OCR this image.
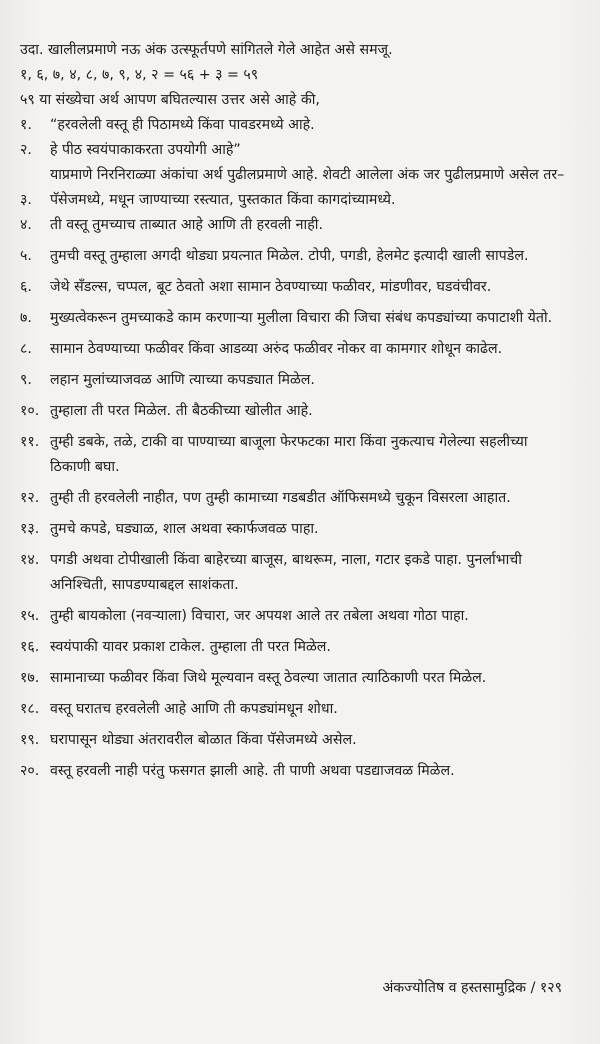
उदा. खालीलप्रमाणे नऊ अंक उत्स्फूर्तपणे सांगितले गेले आहेत असे समजू.
१, ६, ७, ४, ८, ७, ९, ४, २ = ५६ + ३ = ५९
५९ या संख्येचा अर्थ आपण बघितल्यास उत्तर असे आहे की,
१.	“हरवलेली वस्तू ही पिठामध्ये किंवा पावडरमध्ये आहे.
२.	हे पीठ स्वयंपाकाकरता उपयोगी आहे”
याप्रमाणे निरनिराळ्या अंकांचा अर्थ पुढीलप्रमाणे आहे. शेवटी आलेला अंक जर पुढीलप्रमाणे असेल तर–
३.	पॅसेजमध्ये, मधून जाण्याच्या रस्त्यात, पुस्तकात किंवा कागदांच्यामध्ये.
४.	ती वस्तू तुमच्याच ताब्यात आहे आणि ती हरवली नाही.
५.	तुमची वस्तू तुम्हाला अगदी थोड्या प्रयत्नात मिळेल. टोपी, पगडी, हेलमेट इत्यादी खाली सापडेल.
६.	जेथे सँडल्स, चप्पल, बूट ठेवतो अशा सामान ठेवण्याच्या फळीवर, मांडणीवर, घडवंचीवर.
७.	मुख्यत्वेकरून तुमच्याकडे काम करणाऱ्या मुलीला विचारा की जिचा संबंध कपड्यांच्या कपाटाशी येतो.
८.	सामान ठेवण्याच्या फळीवर किंवा आडव्या अरुंद फळीवर नोकर वा कामगार शोधून काढेल.
९.	लहान मुलांच्याजवळ आणि त्याच्या कपड्यात मिळेल.
१०. तुम्हाला ती परत मिळेल. ती बैठकीच्या खोलीत आहे.
११. तुम्ही डबके, तळे, टाकी वा पाण्याच्या बाजूला फेरफटका मारा किंवा नुकत्याच गेलेल्या सहलीच्या ठिकाणी बघा.
१२. तुम्ही ती हरवलेली नाहीत, पण तुम्ही कामाच्या गडबडीत ऑफिसमध्ये चुकून विसरला आहात.
१३. तुमचे कपडे, घड्याळ, शाल अथवा स्कार्फजवळ पाहा.
१४. पगडी अथवा टोपीखाली किंवा बाहेरच्या बाजूस, बाथरूम, नाला, गटार इकडे पाहा. पुनर्लाभाची अनिश्चिती, सापडण्याबद्दल साशंकता.
१५. तुम्ही बायकोला (नवऱ्याला) विचारा, जर अपयश आले तर तबेला अथवा गोठा पाहा.
१६. स्वयंपाकी यावर प्रकाश टाकेल. तुम्हाला ती परत मिळेल.
१७. सामानाच्या फळीवर किंवा जिथे मूल्यवान वस्तू ठेवल्या जातात त्याठिकाणी परत मिळेल.
१८. वस्तू घरातच हरवलेली आहे आणि ती कपड्यांमधून शोधा.
१९. घरापासून थोड्या अंतरावरील बोळात किंवा पॅसेजमध्ये असेल.
२०. वस्तू हरवली नाही परंतु फसगत झाली आहे. ती पाणी अथवा पडद्याजवळ मिळेल.
अंकज्योतिष व हस्तसामुद्रिक / १२९
